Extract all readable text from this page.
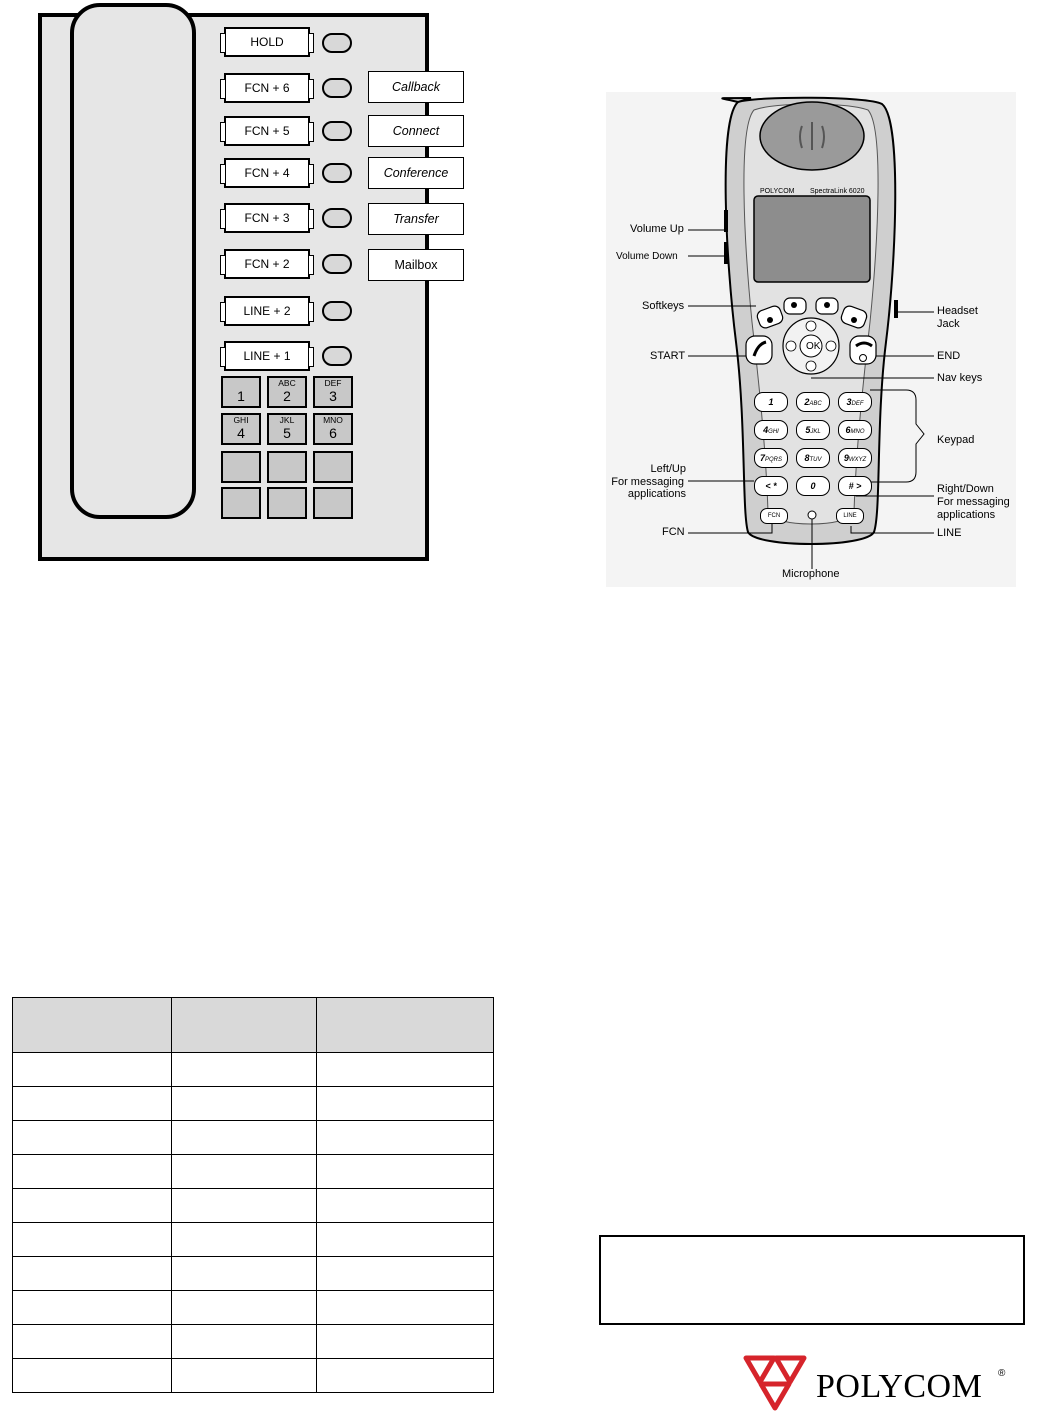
HOLD
FCN + 6	Callback
FCN + 5	Connect
FCN + 4	Conference
FCN + 3	Transfer
FCN + 2	Mailbox
LINE + 2
LINE + 1
1
ABC
2
DEF
3
GHI
4
JKL
5
MNO
6
POLYCOM SpectraLink 6020
OK
1	2ABC	3DEF
4GHI	5JKL	6MNO
7PQRS	8TUV	9WXYZ
< *	0	# >
FCN	LINE
Volume Up
Volume Down
Softkeys
START
Left/Up
For messaging
applications
FCN
Microphone
Headset
Jack
END
Nav keys
Keypad
Right/Down
For messaging
applications
LINE

POLYCOM ®
